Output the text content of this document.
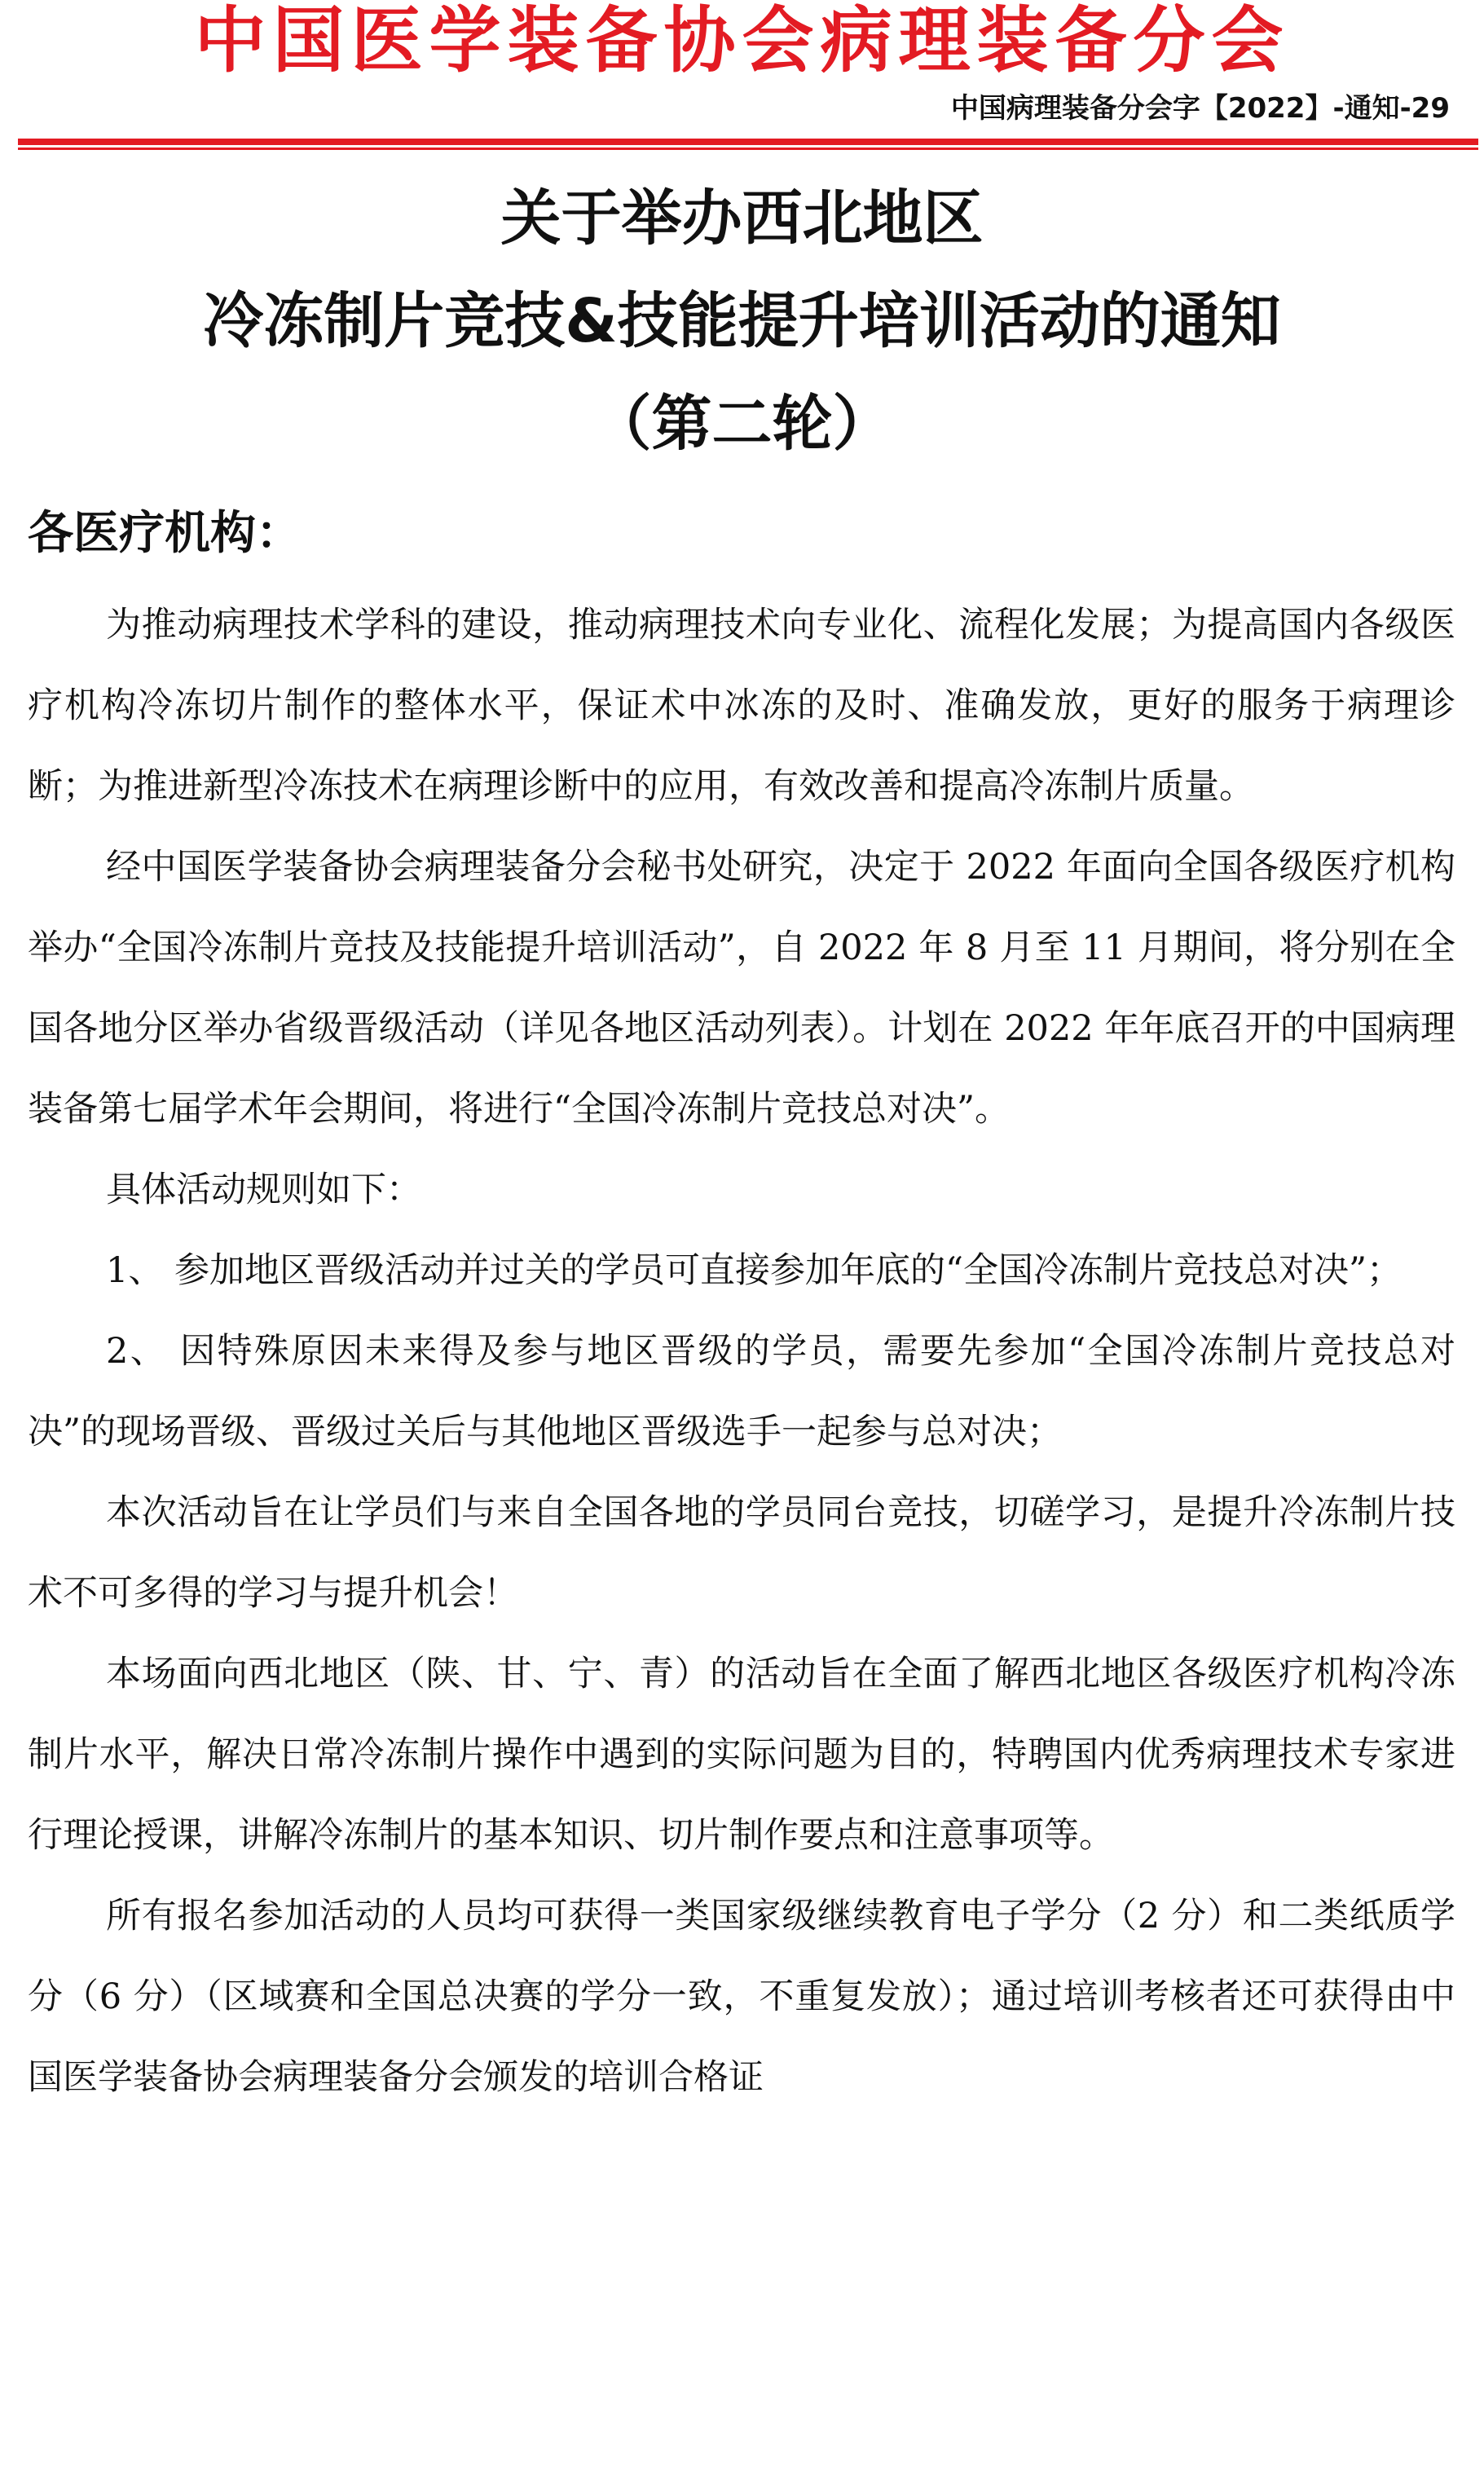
中国医学装备协会病理装备分会
中国病理装备分会字【2022】-通知-29
关于举办西北地区
冷冻制片竞技&技能提升培训活动的通知
（第二轮）
各医疗机构：

为推动病理技术学科的建设，推动病理技术向专业化、流程化发展；为提高国内各级医疗机构冷冻切片制作的整体水平，保证术中冰冻的及时、准确发放，更好的服务于病理诊断；为推进新型冷冻技术在病理诊断中的应用，有效改善和提高冷冻制片质量。

经中国医学装备协会病理装备分会秘书处研究，决定于 2022 年面向全国各级医疗机构举办“全国冷冻制片竞技及技能提升培训活动”，自 2022 年 8 月至 11 月期间，将分别在全国各地分区举办省级晋级活动（详见各地区活动列表）。计划在 2022 年年底召开的中国病理装备第七届学术年会期间，将进行“全国冷冻制片竞技总对决”。

具体活动规则如下：

1、 参加地区晋级活动并过关的学员可直接参加年底的“全国冷冻制片竞技总对决”；

2、 因特殊原因未来得及参与地区晋级的学员，需要先参加“全国冷冻制片竞技总对决”的现场晋级、晋级过关后与其他地区晋级选手一起参与总对决；

本次活动旨在让学员们与来自全国各地的学员同台竞技，切磋学习，是提升冷冻制片技术不可多得的学习与提升机会！

本场面向西北地区（陕、甘、宁、青）的活动旨在全面了解西北地区各级医疗机构冷冻制片水平，解决日常冷冻制片操作中遇到的实际问题为目的，特聘国内优秀病理技术专家进行理论授课，讲解冷冻制片的基本知识、切片制作要点和注意事项等。

所有报名参加活动的人员均可获得一类国家级继续教育电子学分（2 分）和二类纸质学分（6 分）（区域赛和全国总决赛的学分一致，不重复发放）；通过培训考核者还可获得由中国医学装备协会病理装备分会颁发的培训合格证
